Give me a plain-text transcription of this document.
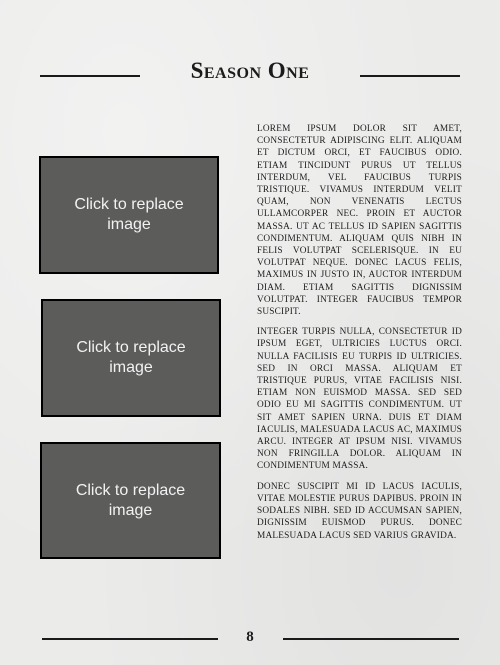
Season One
Click to replace image
Click to replace image
Click to replace image

LOREM IPSUM DOLOR SIT AMET, CONSECTETUR ADIPISCING ELIT. ALIQUAM ET DICTUM ORCI, ET FAUCIBUS ODIO. ETIAM TINCIDUNT PURUS UT TELLUS INTERDUM, VEL FAUCIBUS TURPIS TRISTIQUE. VIVAMUS INTERDUM VELIT QUAM, NON VENENATIS LECTUS ULLAMCORPER NEC. PROIN ET AUCTOR MASSA. UT AC TELLUS ID SAPIEN SAGITTIS CONDIMENTUM. ALIQUAM QUIS NIBH IN FELIS VOLUTPAT SCELERISQUE. IN EU VOLUTPAT NEQUE. DONEC LACUS FELIS, MAXIMUS IN JUSTO IN, AUCTOR INTERDUM DIAM. ETIAM SAGITTIS DIGNISSIM VOLUTPAT. INTEGER FAUCIBUS TEMPOR SUSCIPIT.

INTEGER TURPIS NULLA, CONSECTETUR ID IPSUM EGET, ULTRICIES LUCTUS ORCI. NULLA FACILISIS EU TURPIS ID ULTRICIES. SED IN ORCI MASSA. ALIQUAM ET TRISTIQUE PURUS, VITAE FACILISIS NISI. ETIAM NON EUISMOD MASSA. SED SED ODIO EU MI SAGITTIS CONDIMENTUM. UT SIT AMET SAPIEN URNA. DUIS ET DIAM IACULIS, MALESUADA LACUS AC, MAXIMUS ARCU. INTEGER AT IPSUM NISI. VIVAMUS NON FRINGILLA DOLOR. ALIQUAM IN CONDIMENTUM MASSA.

DONEC SUSCIPIT MI ID LACUS IACULIS, VITAE MOLESTIE PURUS DAPIBUS. PROIN IN SODALES NIBH. SED ID ACCUMSAN SAPIEN, DIGNISSIM EUISMOD PURUS. DONEC MALESUADA LACUS SED VARIUS GRAVIDA.

8
